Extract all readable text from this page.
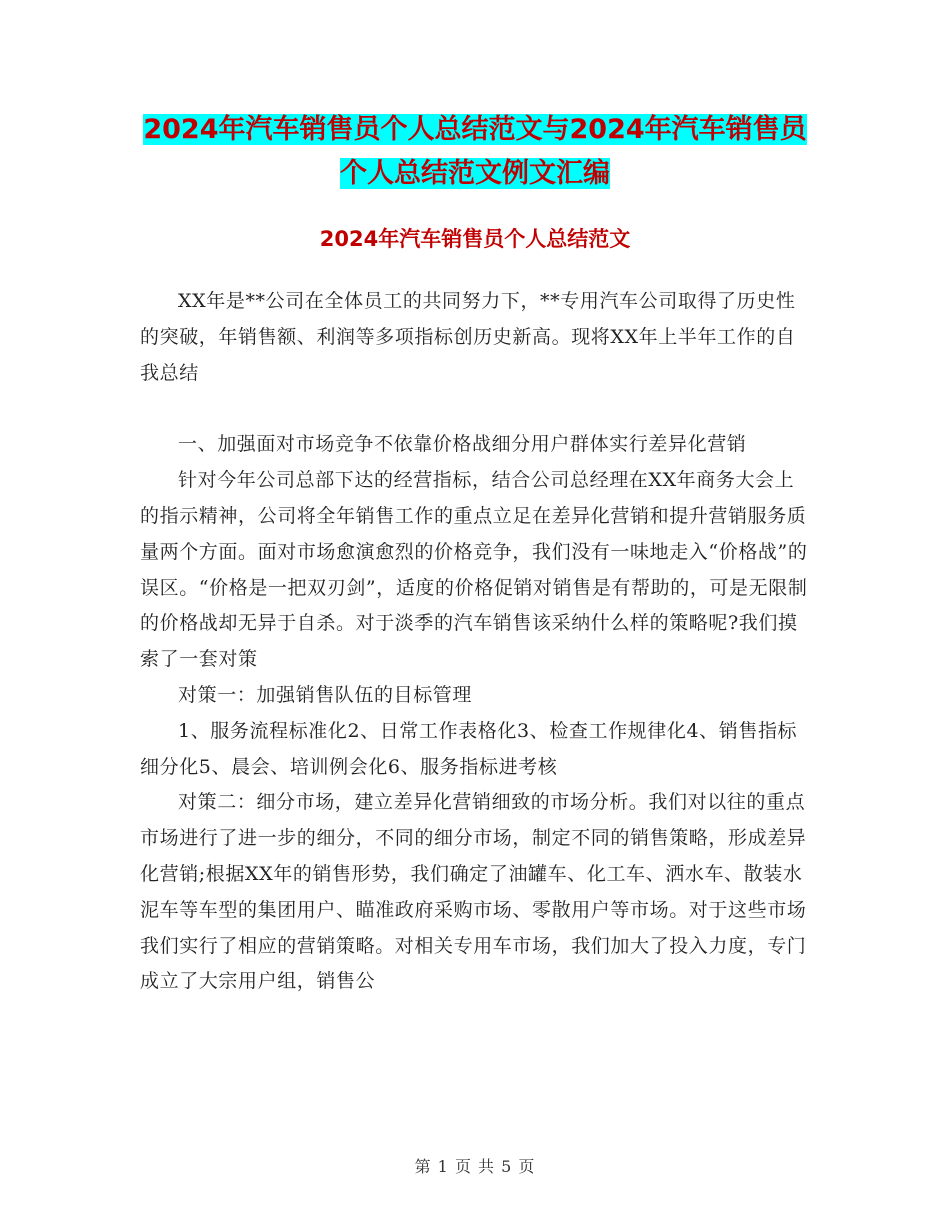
2024年汽车销售员个人总结范文与2024年汽车销售员
个人总结范文例文汇编
2024年汽车销售员个人总结范文

XX年是**公司在全体员工的共同努力下，**专用汽车公司取得了历史性的突破，年销售额、利润等多项指标创历史新高。现将XX年上半年工作的自我总结

一、加强面对市场竞争不依靠价格战细分用户群体实行差异化营销

针对今年公司总部下达的经营指标，结合公司总经理在XX年商务大会上的指示精神，公司将全年销售工作的重点立足在差异化营销和提升营销服务质量两个方面。面对市场愈演愈烈的价格竞争，我们没有一味地走入“价格战”的误区。“价格是一把双刃剑”，适度的价格促销对销售是有帮助的，可是无限制的价格战却无异于自杀。对于淡季的汽车销售该采纳什么样的策略呢?我们摸索了一套对策

对策一：加强销售队伍的目标管理

1、服务流程标准化2、日常工作表格化3、检查工作规律化4、销售指标细分化5、晨会、培训例会化6、服务指标进考核

对策二：细分市场，建立差异化营销细致的市场分析。我们对以往的重点市场进行了进一步的细分，不同的细分市场，制定不同的销售策略，形成差异化营销;根据XX年的销售形势，我们确定了油罐车、化工车、洒水车、散装水泥车等车型的集团用户、瞄准政府采购市场、零散用户等市场。对于这些市场我们实行了相应的营销策略。对相关专用车市场，我们加大了投入力度，专门成立了大宗用户组，销售公

第 1 页 共 5 页
